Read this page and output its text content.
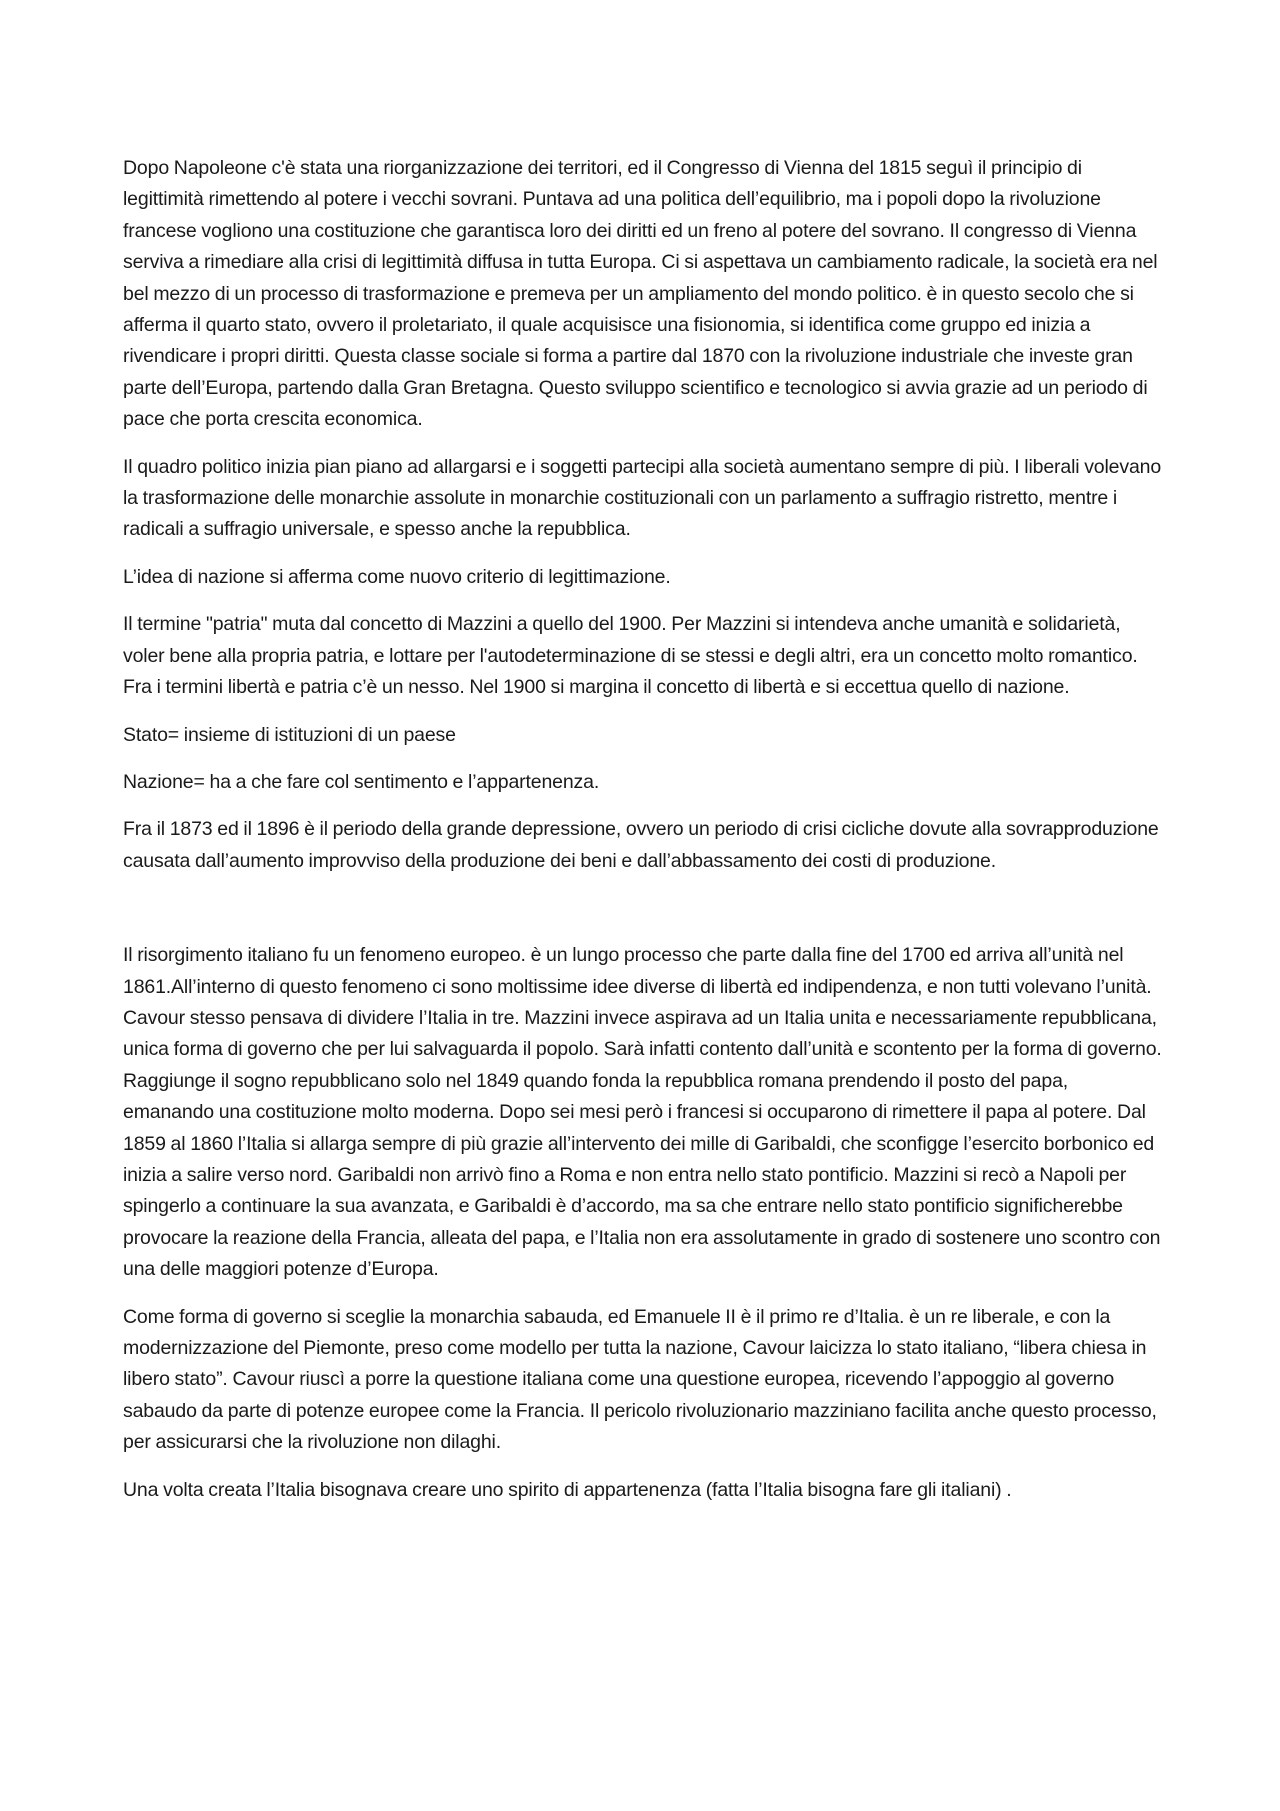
Dopo Napoleone c'è stata una riorganizzazione dei territori, ed il Congresso di Vienna del 1815 seguì il principio di legittimità rimettendo al potere i vecchi sovrani. Puntava ad una politica dell’equilibrio, ma i popoli dopo la rivoluzione francese vogliono una costituzione che garantisca loro dei diritti ed un freno al potere del sovrano. Il congresso di Vienna serviva a rimediare alla crisi di legittimità diffusa in tutta Europa. Ci si aspettava un cambiamento radicale, la società era nel bel mezzo di un processo di trasformazione e premeva per un ampliamento del mondo politico. è in questo secolo che si afferma il quarto stato, ovvero il proletariato, il quale acquisisce una fisionomia, si identifica come gruppo ed inizia a rivendicare i propri diritti. Questa classe sociale si forma a partire dal 1870 con la rivoluzione industriale che investe gran parte dell’Europa, partendo dalla Gran Bretagna. Questo sviluppo scientifico e tecnologico si avvia grazie ad un periodo di pace che porta crescita economica.

Il quadro politico inizia pian piano ad allargarsi e i soggetti partecipi alla società aumentano sempre di più. I liberali volevano la trasformazione delle monarchie assolute in monarchie costituzionali con un parlamento a suffragio ristretto, mentre i radicali a suffragio universale, e spesso anche la repubblica.

L’idea di nazione si afferma come nuovo criterio di legittimazione.

Il termine "patria" muta dal concetto di Mazzini a quello del 1900. Per Mazzini si intendeva anche umanità e solidarietà, voler bene alla propria patria, e lottare per l'autodeterminazione di se stessi e degli altri, era un concetto molto romantico. Fra i termini libertà e patria c’è un nesso. Nel 1900 si margina il concetto di libertà e si eccettua quello di nazione.

Stato= insieme di istituzioni di un paese

Nazione= ha a che fare col sentimento e l’appartenenza.

Fra il 1873 ed il 1896 è il periodo della grande depressione, ovvero un periodo di crisi cicliche dovute alla sovrapproduzione causata dall’aumento improvviso della produzione dei beni e dall’abbassamento dei costi di produzione.

Il risorgimento italiano fu un fenomeno europeo. è un lungo processo che parte dalla fine del 1700 ed arriva all’unità nel 1861.All’interno di questo fenomeno ci sono moltissime idee diverse di libertà ed indipendenza, e non tutti volevano l’unità. Cavour stesso pensava di dividere l’Italia in tre. Mazzini invece aspirava ad un Italia unita e necessariamente repubblicana, unica forma di governo che per lui salvaguarda il popolo. Sarà infatti contento dall’unità e scontento per la forma di governo. Raggiunge il sogno repubblicano solo nel 1849 quando fonda la repubblica romana prendendo il posto del papa, emanando una costituzione molto moderna. Dopo sei mesi però i francesi si occuparono di rimettere il papa al potere. Dal 1859 al 1860 l’Italia si allarga sempre di più grazie all’intervento dei mille di Garibaldi, che sconfigge l’esercito borbonico ed inizia a salire verso nord. Garibaldi non arrivò fino a Roma e non entra nello stato pontificio. Mazzini si recò a Napoli per spingerlo a continuare la sua avanzata, e Garibaldi è d’accordo, ma sa che entrare nello stato pontificio significherebbe provocare la reazione della Francia, alleata del papa, e l’Italia non era assolutamente in grado di sostenere uno scontro con una delle maggiori potenze d’Europa.

Come forma di governo si sceglie la monarchia sabauda, ed Emanuele II è il primo re d’Italia. è un re liberale, e con la modernizzazione del Piemonte, preso come modello per tutta la nazione, Cavour laicizza lo stato italiano, “libera chiesa in libero stato”. Cavour riuscì a porre la questione italiana come una questione europea, ricevendo l’appoggio al governo sabaudo da parte di potenze europee come la Francia. Il pericolo rivoluzionario mazziniano facilita anche questo processo, per assicurarsi che la rivoluzione non dilaghi.

Una volta creata l’Italia bisognava creare uno spirito di appartenenza (fatta l’Italia bisogna fare gli italiani) .
